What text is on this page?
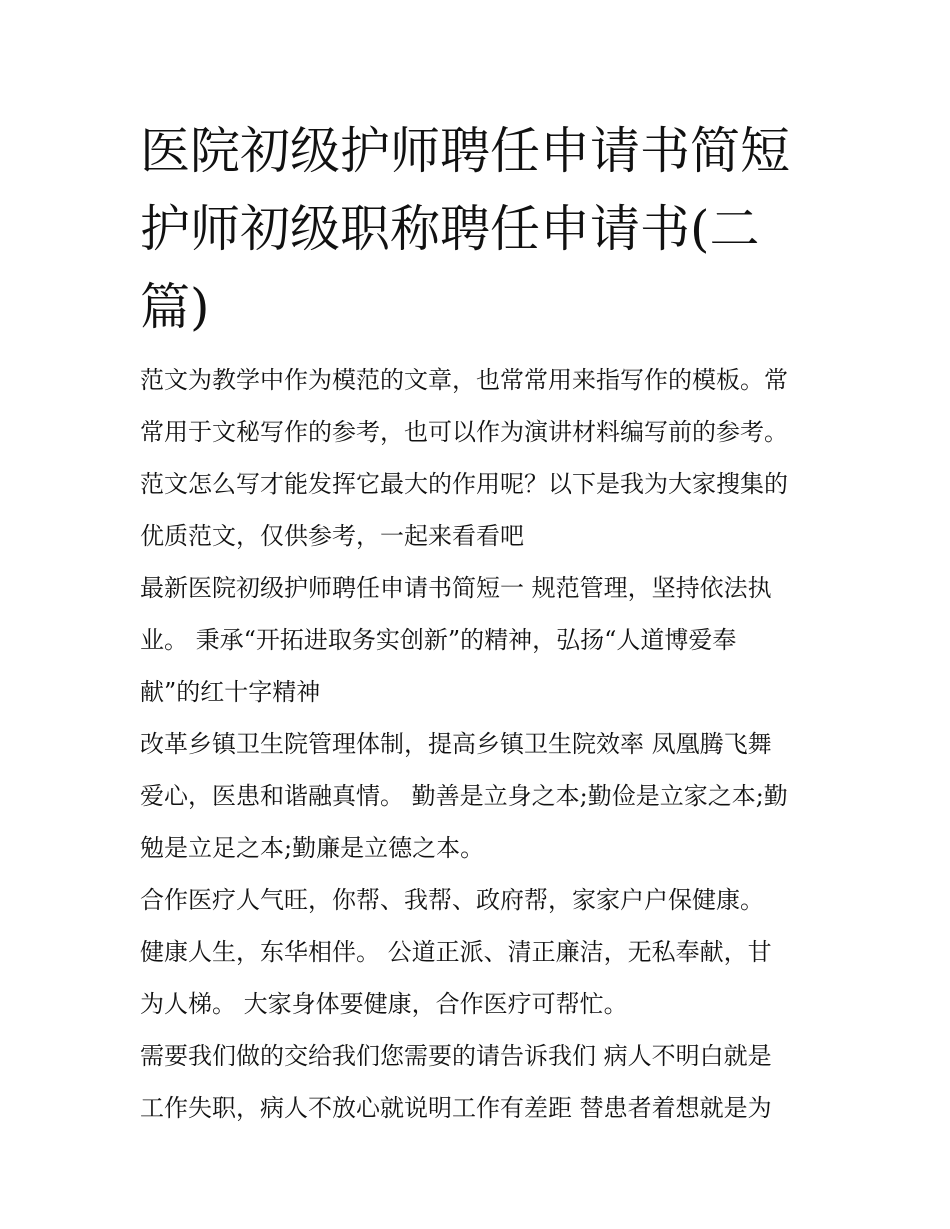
医院初级护师聘任申请书简短
护师初级职称聘任申请书(二
篇)

范文为教学中作为模范的文章，也常常用来指写作的模板。常
常用于文秘写作的参考，也可以作为演讲材料编写前的参考。
范文怎么写才能发挥它最大的作用呢？以下是我为大家搜集的
优质范文，仅供参考，一起来看看吧

最新医院初级护师聘任申请书简短一 规范管理，坚持依法执
业。 秉承“开拓进取务实创新”的精神，弘扬“人道博爱奉
献”的红十字精神

改革乡镇卫生院管理体制，提高乡镇卫生院效率 凤凰腾飞舞
爱心，医患和谐融真情。 勤善是立身之本;勤俭是立家之本;勤
勉是立足之本;勤廉是立德之本。

合作医疗人气旺，你帮、我帮、政府帮，家家户户保健康。
健康人生，东华相伴。 公道正派、清正廉洁，无私奉献，甘
为人梯。 大家身体要健康，合作医疗可帮忙。

需要我们做的交给我们您需要的请告诉我们 病人不明白就是
工作失职，病人不放心就说明工作有差距 替患者着想就是为
